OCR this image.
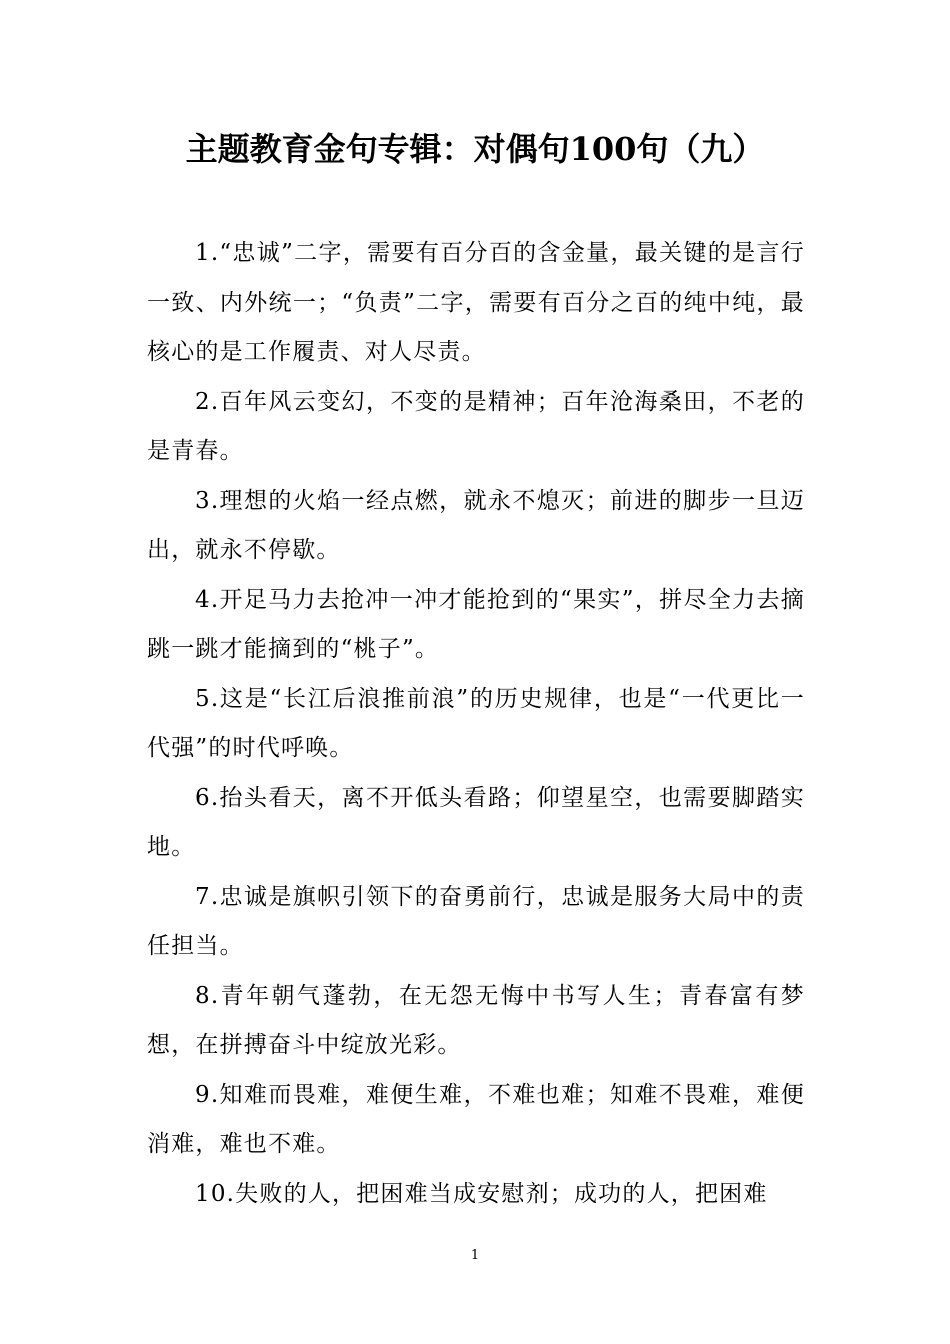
主题教育金句专辑：对偶句100句（九）

1.“忠诚”二字，需要有百分百的含金量，最关键的是言行一致、内外统一；“负责”二字，需要有百分之百的纯中纯，最核心的是工作履责、对人尽责。

2.百年风云变幻，不变的是精神；百年沧海桑田，不老的是青春。

3.理想的火焰一经点燃，就永不熄灭；前进的脚步一旦迈出，就永不停歇。

4.开足马力去抢冲一冲才能抢到的“果实”，拼尽全力去摘跳一跳才能摘到的“桃子”。

5.这是“长江后浪推前浪”的历史规律，也是“一代更比一代强”的时代呼唤。

6.抬头看天，离不开低头看路；仰望星空，也需要脚踏实地。

7.忠诚是旗帜引领下的奋勇前行，忠诚是服务大局中的责任担当。

8.青年朝气蓬勃，在无怨无悔中书写人生；青春富有梦想，在拼搏奋斗中绽放光彩。

9.知难而畏难，难便生难，不难也难；知难不畏难，难便消难，难也不难。

10.失败的人，把困难当成安慰剂；成功的人，把困难

1
